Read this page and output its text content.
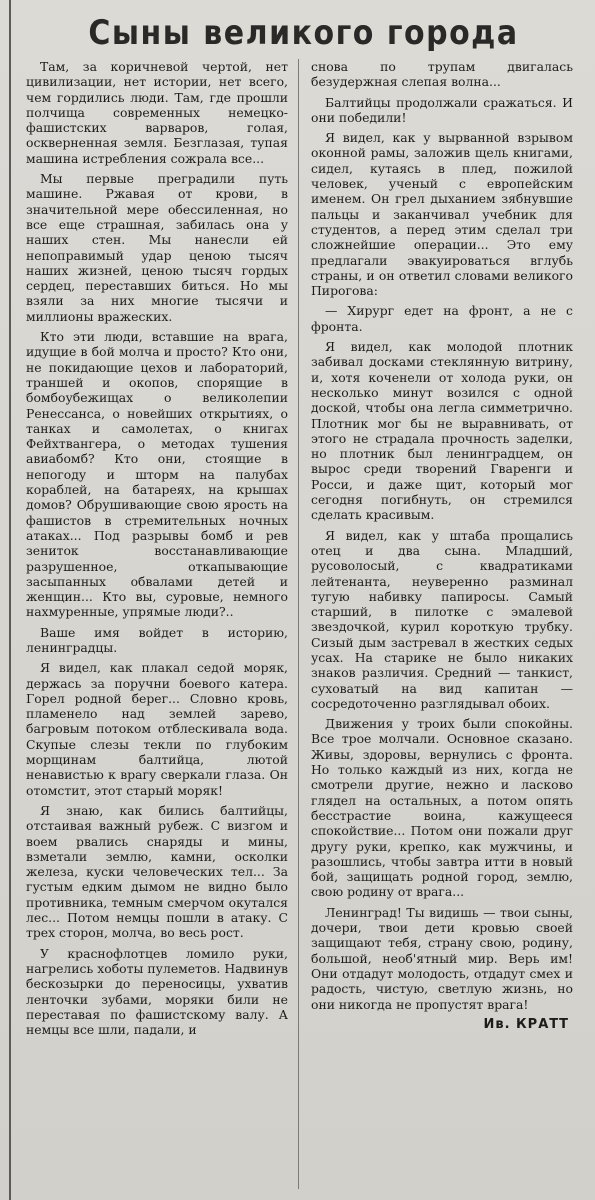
Сыны великого города

Там, за коричневой чертой, нет цивилизации, нет истории, нет всего, чем гордились люди. Там, где прошли полчища современных немецко-фашистских варваров, голая, оскверненная земля. Безглазая, тупая машина истребления сожрала все...

Мы первые преградили путь машине. Ржавая от крови, в значительной мере обессиленная, но все еще страшная, забилась она у наших стен. Мы нанесли ей непоправимый удар ценою тысяч наших жизней, ценою тысяч гордых сердец, переставших биться. Но мы взяли за них многие тысячи и миллионы вражеских.

Кто эти люди, вставшие на врага, идущие в бой молча и просто? Кто они, не покидающие цехов и лабораторий, траншей и окопов, спорящие в бомбоубежищах о великолепии Ренессанса, о новейших открытиях, о танках и самолетах, о книгах Фейхтвангера, о методах тушения авиабомб? Кто они, стоящие в непогоду и шторм на палубах кораблей, на батареях, на крышах домов? Обрушивающие свою ярость на фашистов в стремительных ночных атаках... Под разрывы бомб и рев зениток восстанавливающие разрушенное, откапывающие засыпанных обвалами детей и женщин... Кто вы, суровые, немного нахмуренные, упрямые люди?..

Ваше имя войдет в историю, ленинградцы.

Я видел, как плакал седой моряк, держась за поручни боевого катера. Горел родной берег... Словно кровь, пламенело над землей зарево, багровым потоком отблескивала вода. Скупые слезы текли по глубоким морщинам балтийца, лютой ненавистью к врагу сверкали глаза. Он отомстит, этот старый моряк!

Я знаю, как бились балтийцы, отстаивая важный рубеж. С визгом и воем рвались снаряды и мины, взметали землю, камни, осколки железа, куски человеческих тел... За густым едким дымом не видно было противника, темным смерчом окутался лес... Потом немцы пошли в атаку. С трех сторон, молча, во весь рост.

У краснофлотцев ломило руки, нагрелись хоботы пулеметов. Надвинув бескозырки до переносицы, ухватив ленточки зубами, моряки били не переставая по фашистскому валу. А немцы все шли, падали, и

снова по трупам двигалась безудержная слепая волна...

Балтийцы продолжали сражаться. И они победили!

Я видел, как у вырванной взрывом оконной рамы, заложив щель книгами, сидел, кутаясь в плед, пожилой человек, ученый с европейским именем. Он грел дыханием зябнувшие пальцы и заканчивал учебник для студентов, а перед этим сделал три сложнейшие операции... Это ему предлагали эвакуироваться вглубь страны, и он ответил словами великого Пирогова:

— Хирург едет на фронт, а не с фронта.

Я видел, как молодой плотник забивал досками стеклянную витрину, и, хотя коченели от холода руки, он несколько минут возился с одной доской, чтобы она легла симметрично. Плотник мог бы не выравнивать, от этого не страдала прочность заделки, но плотник был ленинградцем, он вырос среди творений Гваренги и Росси, и даже щит, который мог сегодня погибнуть, он стремился сделать красивым.

Я видел, как у штаба прощались отец и два сына. Младший, русоволосый, с квадратиками лейтенанта, неуверенно разминал тугую набивку папиросы. Самый старший, в пилотке с эмалевой звездочкой, курил короткую трубку. Сизый дым застревал в жестких седых усах. На старике не было никаких знаков различия. Средний — танкист, суховатый на вид капитан — сосредоточенно разглядывал обоих.

Движения у троих были спокойны. Все трое молчали. Основное сказано. Живы, здоровы, вернулись с фронта. Но только каждый из них, когда не смотрели другие, нежно и ласково глядел на остальных, а потом опять бесстрастие воина, кажущееся спокойствие... Потом они пожали друг другу руки, крепко, как мужчины, и разошлись, чтобы завтра итти в новый бой, защищать родной город, землю, свою родину от врага...

Ленинград! Ты видишь — твои сыны, дочери, твои дети кровью своей защищают тебя, страну свою, родину, большой, необ'ятный мир. Верь им! Они отдадут молодость, отдадут смех и радость, чистую, светлую жизнь, но они никогда не пропустят врага!

Ив. КРАТТ
